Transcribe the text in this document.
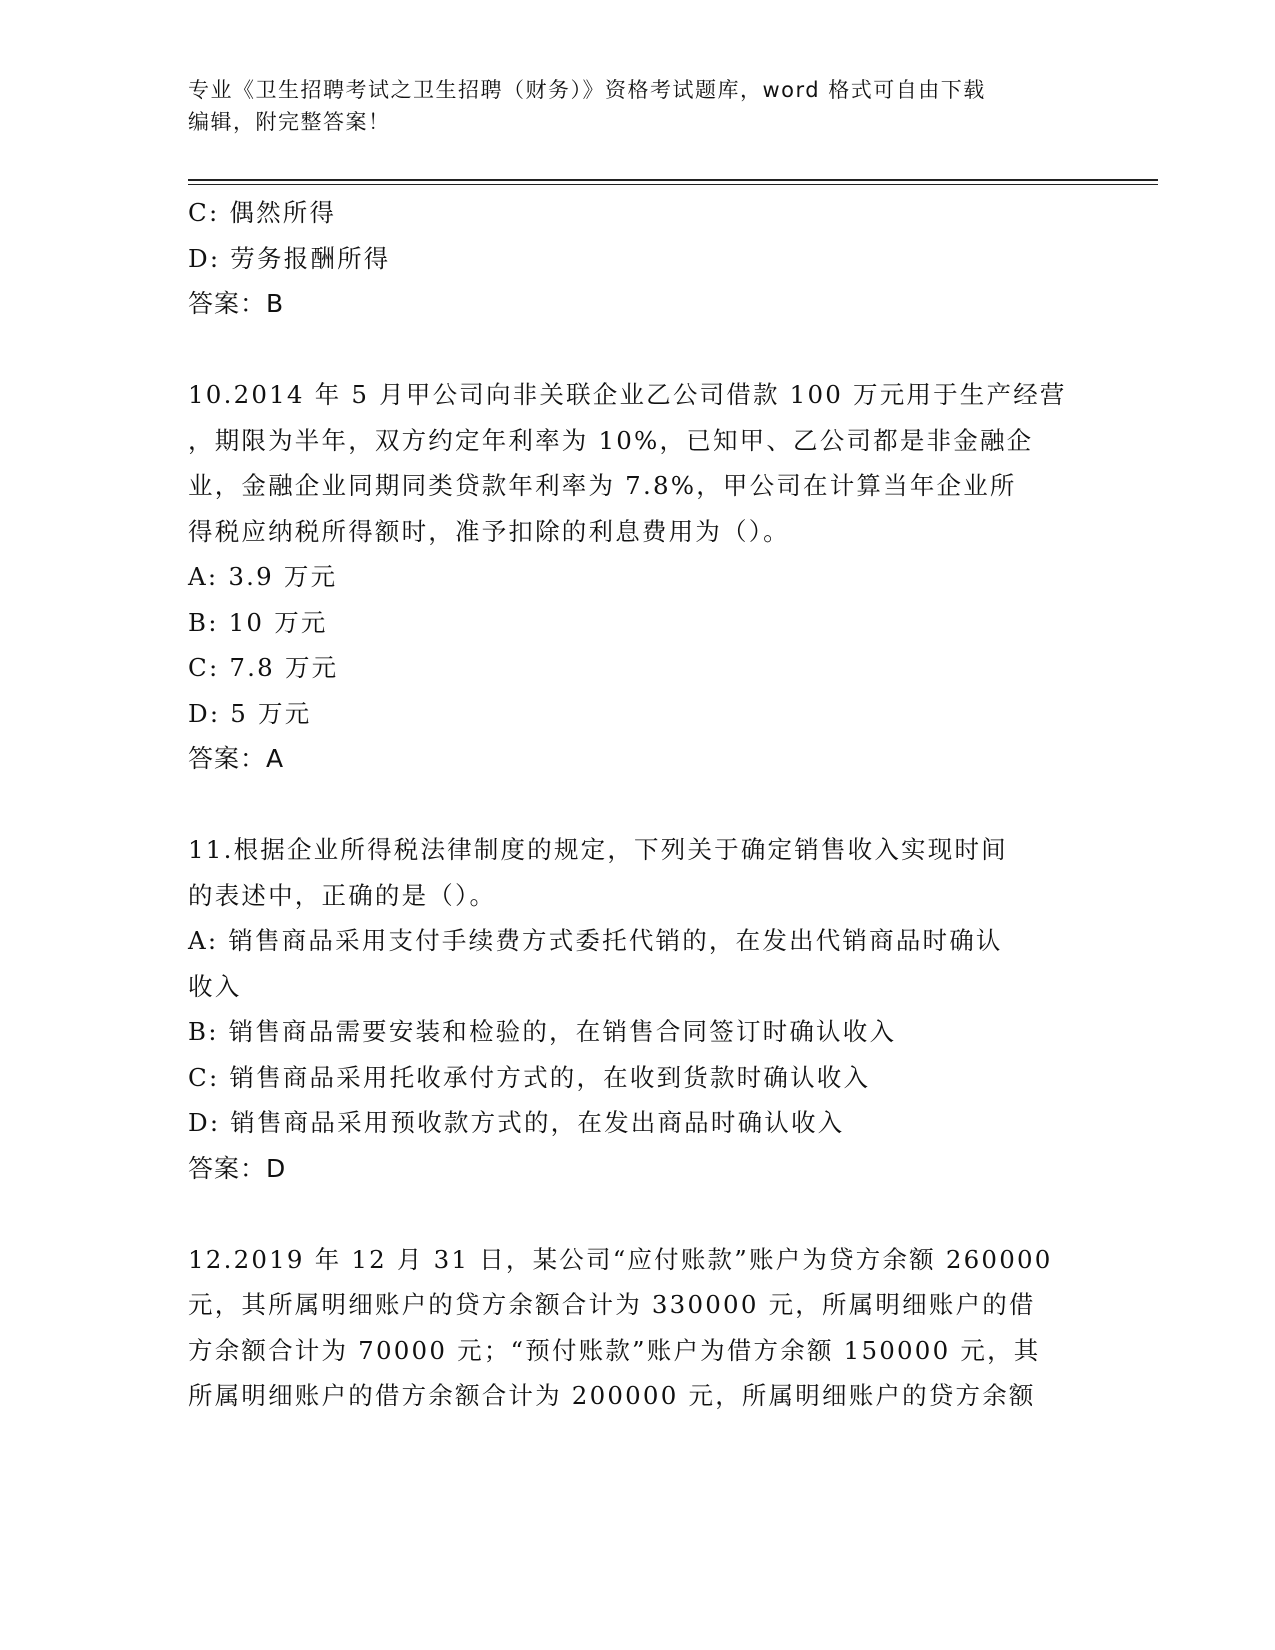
专业《卫生招聘考试之卫生招聘（财务）》资格考试题库，word 格式可自由下载
编辑，附完整答案！
C: 偶然所得
D: 劳务报酬所得
答案：B
10.2014 年 5 月甲公司向非关联企业乙公司借款 100 万元用于生产经营
，期限为半年，双方约定年利率为 10%，已知甲、乙公司都是非金融企
业，金融企业同期同类贷款年利率为 7.8%，甲公司在计算当年企业所
得税应纳税所得额时，准予扣除的利息费用为（）。
A: 3.9 万元
B: 10 万元
C: 7.8 万元
D: 5 万元
答案：A
11.根据企业所得税法律制度的规定，下列关于确定销售收入实现时间
的表述中，正确的是（）。
A: 销售商品采用支付手续费方式委托代销的，在发出代销商品时确认
收入
B: 销售商品需要安装和检验的，在销售合同签订时确认收入
C: 销售商品采用托收承付方式的，在收到货款时确认收入
D: 销售商品采用预收款方式的，在发出商品时确认收入
答案：D
12.2019 年 12 月 31 日，某公司“应付账款”账户为贷方余额 260000
元，其所属明细账户的贷方余额合计为 330000 元，所属明细账户的借
方余额合计为 70000 元；“预付账款”账户为借方余额 150000 元，其
所属明细账户的借方余额合计为 200000 元，所属明细账户的贷方余额
